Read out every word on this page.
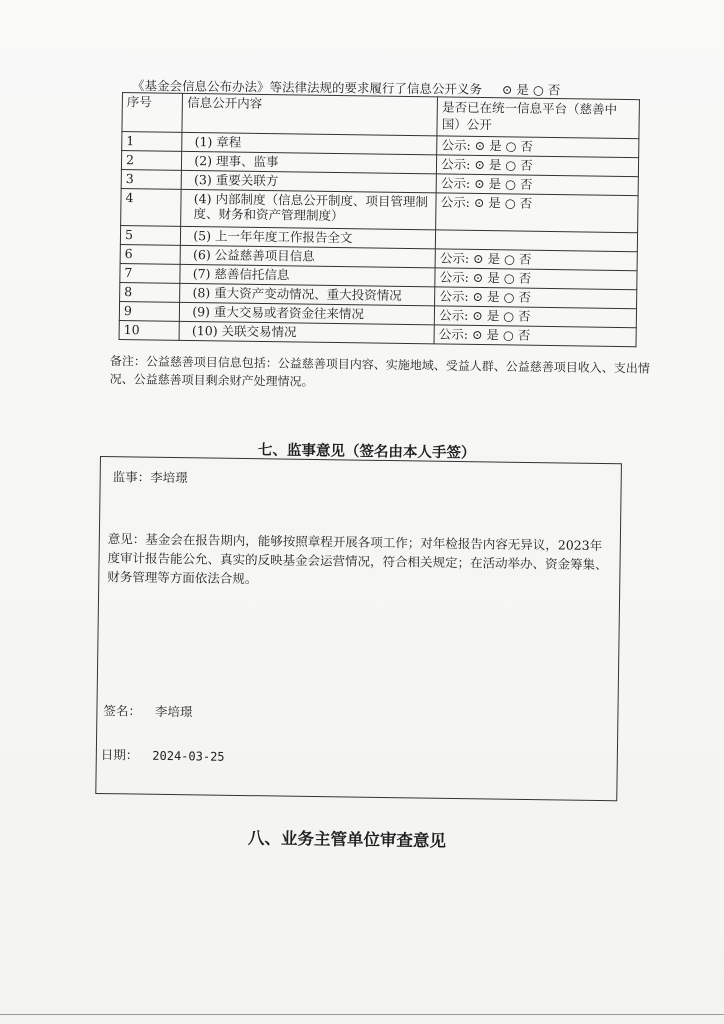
《基金会信息公布办法》等法律法规的要求履行了信息公开义务 ⊙ 是 ○ 否
序号	信息公开内容	是否已在统一信息平台（慈善中国）公开
1	(1) 章程	公示: ⊙ 是 ○ 否
2	(2) 理事、监事	公示: ⊙ 是 ○ 否
3	(3) 重要关联方	公示: ⊙ 是 ○ 否
4	(4) 内部制度（信息公开制度、项目管理制度、财务和资产管理制度）	公示: ⊙ 是 ○ 否
5	(5) 上一年年度工作报告全文	
6	(6) 公益慈善项目信息	公示: ⊙ 是 ○ 否
7	(7) 慈善信托信息	公示: ⊙ 是 ○ 否
8	(8) 重大资产变动情况、重大投资情况	公示: ⊙ 是 ○ 否
9	(9) 重大交易或者资金往来情况	公示: ⊙ 是 ○ 否
10	(10) 关联交易情况	公示: ⊙ 是 ○ 否
备注：公益慈善项目信息包括：公益慈善项目内容、实施地域、受益人群、公益慈善项目收入、支出情况、公益慈善项目剩余财产处理情况。
七、监事意见（签名由本人手签）
监事：李培璟
意见：基金会在报告期内，能够按照章程开展各项工作；对年检报告内容无异议，2023年度审计报告能公允、真实的反映基金会运营情况，符合相关规定；在活动举办、资金筹集、财务管理等方面依法合规。
签名： 李培璟
日期： 2024-03-25
八、业务主管单位审查意见
